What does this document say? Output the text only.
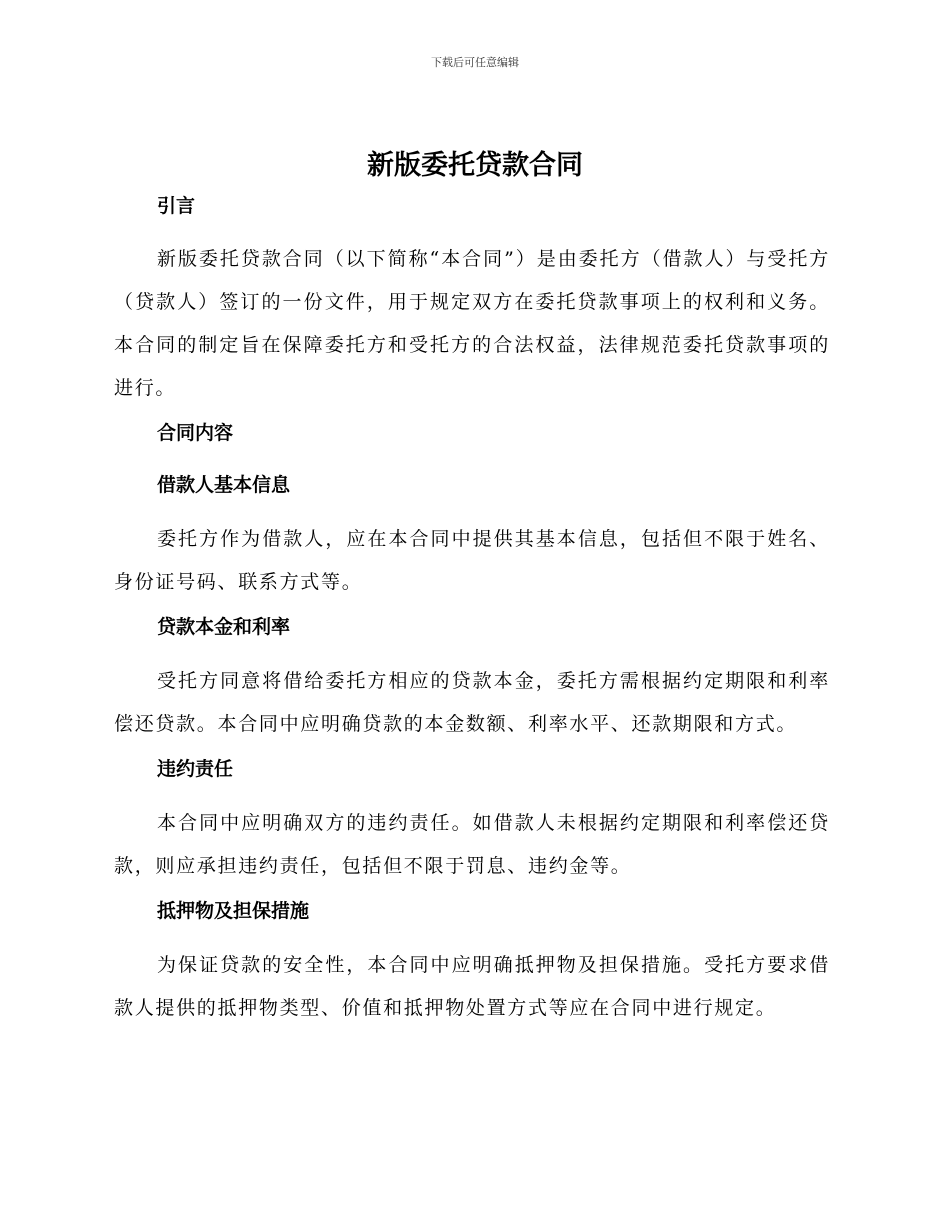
下载后可任意编辑
新版委托贷款合同
引言

新版委托贷款合同（以下简称“本合同”）是由委托方（借款人）与受托方（贷款人）签订的一份文件，用于规定双方在委托贷款事项上的权利和义务。本合同的制定旨在保障委托方和受托方的合法权益，法律规范委托贷款事项的进行。

合同内容
借款人基本信息

委托方作为借款人，应在本合同中提供其基本信息，包括但不限于姓名、身份证号码、联系方式等。

贷款本金和利率

受托方同意将借给委托方相应的贷款本金，委托方需根据约定期限和利率偿还贷款。本合同中应明确贷款的本金数额、利率水平、还款期限和方式。

违约责任

本合同中应明确双方的违约责任。如借款人未根据约定期限和利率偿还贷款，则应承担违约责任，包括但不限于罚息、违约金等。

抵押物及担保措施

为保证贷款的安全性，本合同中应明确抵押物及担保措施。受托方要求借款人提供的抵押物类型、价值和抵押物处置方式等应在合同中进行规定。
